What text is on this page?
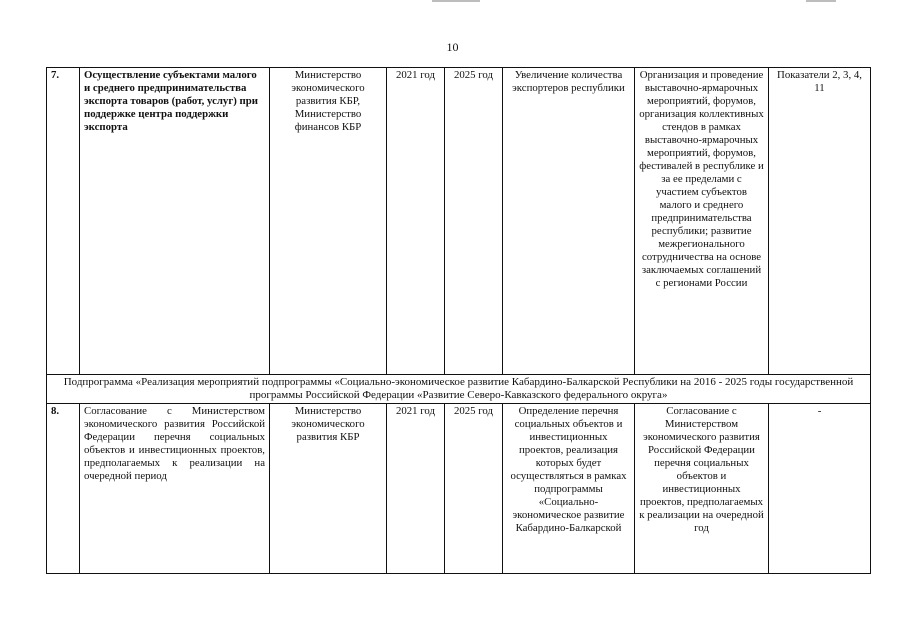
10
7.	Осуществление субъектами малого и среднего предпринимательства экспорта товаров (работ, услуг) при поддержке центра поддержки экспорта	Министерство экономического развития КБР, Министерство финансов КБР	2021 год	2025 год	Увеличение количества экспортеров республики	Организация и проведение выставочно-ярмарочных мероприятий, форумов, организация коллективных стендов в рамках выставочно-ярмарочных мероприятий, форумов, фестивалей в республике и за ее пределами с участием субъектов малого и среднего предпринимательства республики; развитие межрегионального сотрудничества на основе заключаемых соглашений с регионами России	Показатели 2, 3, 4, 11
Подпрограмма «Реализация мероприятий подпрограммы «Социально-экономическое развитие Кабардино-Балкарской Республики на 2016 - 2025 годы государственной программы Российской Федерации «Развитие Северо-Кавказского федерального округа»							
8.	Согласование с Министерством экономического развития Российской Федерации перечня социальных объектов и инвестиционных проектов, предполагаемых к реализации на очередной период	Министерство экономического развития КБР	2021 год	2025 год	Определение перечня социальных объектов и инвестиционных проектов, реализация которых будет осуществляться в рамках подпрограммы «Социально-экономическое развитие Кабардино-Балкарской	Согласование с Министерством экономического развития Российской Федерации перечня социальных объектов и инвестиционных проектов, предполагаемых к реализации на очередной год	-
